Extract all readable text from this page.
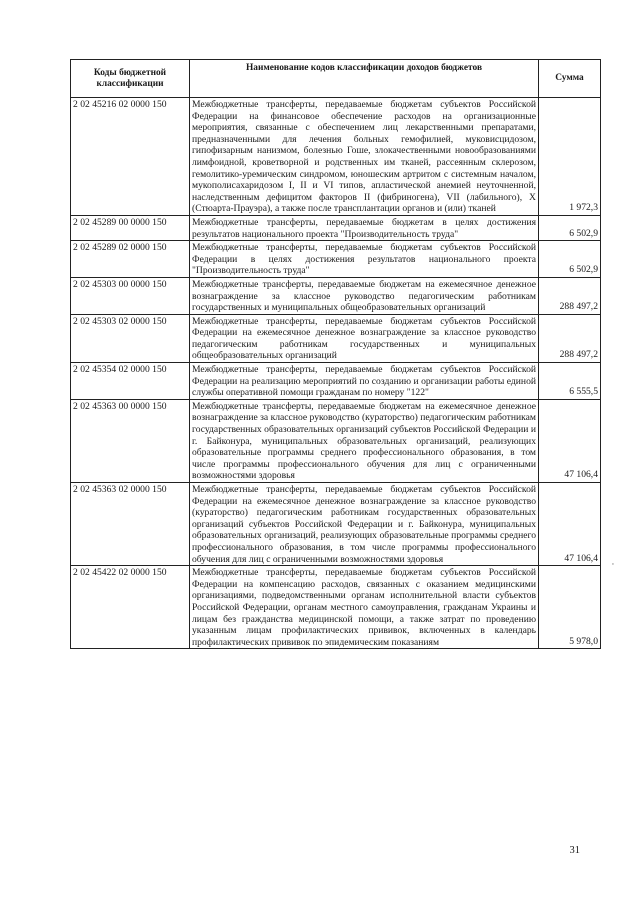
Коды бюджетной классификации	Наименование кодов классификации доходов бюджетов	Сумма
2 02 45216 02 0000 150	Межбюджетные трансферты, передаваемые бюджетам субъектов Российской Федерации на финансовое обеспечение расходов на организационные мероприятия, связанные с обеспечением лиц лекарственными препаратами, предназначенными для лечения больных гемофилией, муковисцидозом, гипофизарным нанизмом, болезнью Гоше, злокачественными новообразованиями лимфоидной, кроветворной и родственных им тканей, рассеянным склерозом, гемолитико-уремическим синдромом, юношеским артритом с системным началом, мукополисахаридозом I, II и VI типов, апластической анемией неуточненной, наследственным дефицитом факторов II (фибриногена), VII (лабильного), X (Стюарта-Прауэра), а также после трансплантации органов и (или) тканей	1 972,3
2 02 45289 00 0000 150	Межбюджетные трансферты, передаваемые бюджетам в целях достижения результатов национального проекта "Производительность труда"	6 502,9
2 02 45289 02 0000 150	Межбюджетные трансферты, передаваемые бюджетам субъектов Российской Федерации в целях достижения результатов национального проекта "Производительность труда"	6 502,9
2 02 45303 00 0000 150	Межбюджетные трансферты, передаваемые бюджетам на ежемесячное денежное вознаграждение за классное руководство педагогическим работникам государственных и муниципальных общеобразовательных организаций	288 497,2
2 02 45303 02 0000 150	Межбюджетные трансферты, передаваемые бюджетам субъектов Российской Федерации на ежемесячное денежное вознаграждение за классное руководство педагогическим работникам государственных и муниципальных общеобразовательных организаций	288 497,2
2 02 45354 02 0000 150	Межбюджетные трансферты, передаваемые бюджетам субъектов Российской Федерации на реализацию мероприятий по созданию и организации работы единой службы оперативной помощи гражданам по номеру "122"	6 555,5
2 02 45363 00 0000 150	Межбюджетные трансферты, передаваемые бюджетам на ежемесячное денежное вознаграждение за классное руководство (кураторство) педагогическим работникам государственных образовательных организаций субъектов Российской Федерации и г. Байконура, муниципальных образовательных организаций, реализующих образовательные программы среднего профессионального образования, в том числе программы профессионального обучения для лиц с ограниченными возможностями здоровья	47 106,4
2 02 45363 02 0000 150	Межбюджетные трансферты, передаваемые бюджетам субъектов Российской Федерации на ежемесячное денежное вознаграждение за классное руководство (кураторство) педагогическим работникам государственных образовательных организаций субъектов Российской Федерации и г. Байконура, муниципальных образовательных организаций, реализующих образовательные программы среднего профессионального образования, в том числе программы профессионального обучения для лиц с ограниченными возможностями здоровья	47 106,4
2 02 45422 02 0000 150	Межбюджетные трансферты, передаваемые бюджетам субъектов Российской Федерации на компенсацию расходов, связанных с оказанием медицинскими организациями, подведомственными органам исполнительной власти субъектов Российской Федерации, органам местного самоуправления, гражданам Украины и лицам без гражданства медицинской помощи, а также затрат по проведению указанным лицам профилактических прививок, включенных в календарь профилактических прививок по эпидемическим показаниям	5 978,0
'
31
